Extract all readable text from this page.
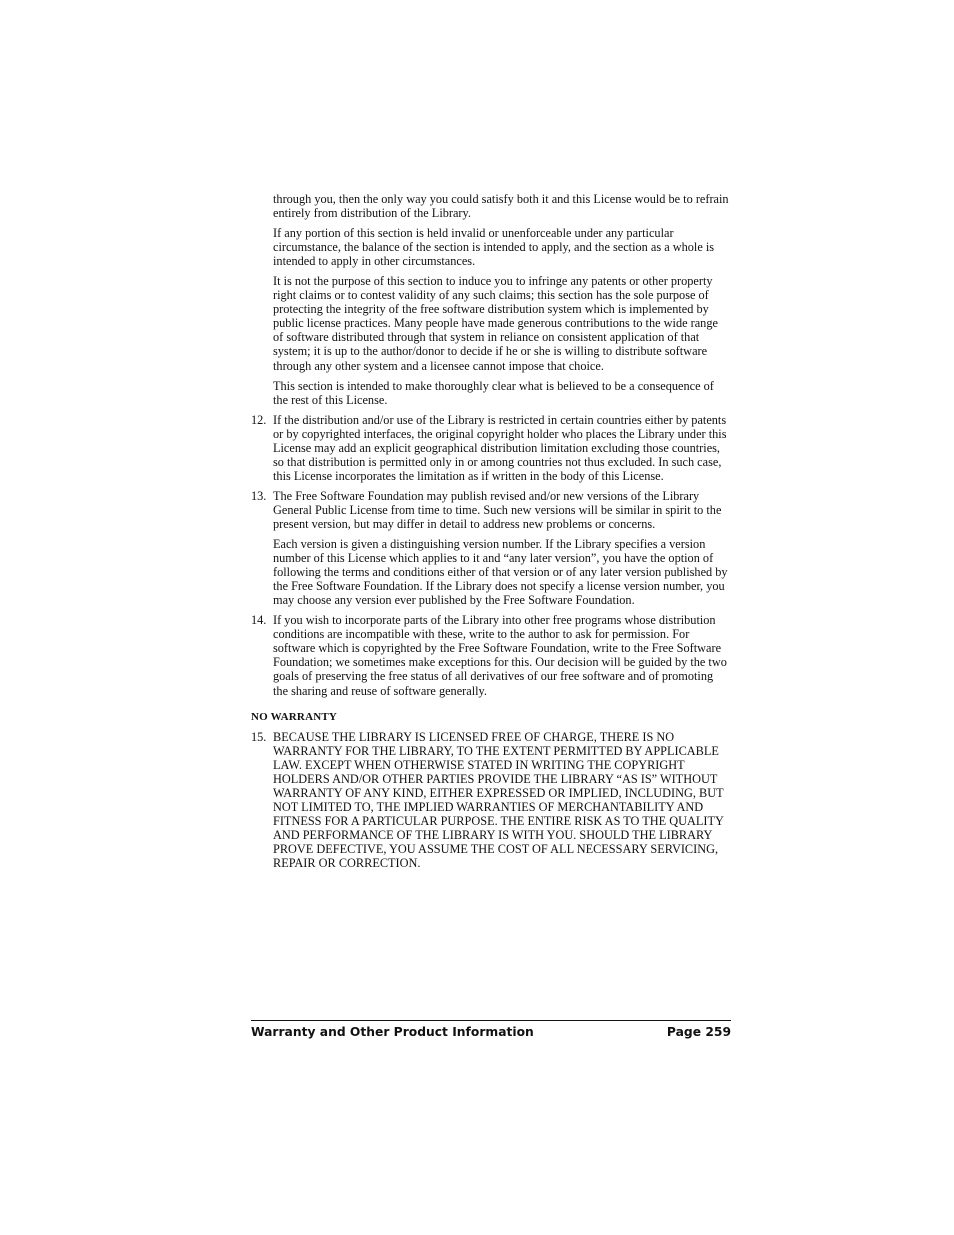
through you, then the only way you could satisfy both it and this License would be to refrain entirely from distribution of the Library.

If any portion of this section is held invalid or unenforceable under any particular circumstance, the balance of the section is intended to apply, and the section as a whole is intended to apply in other circumstances.

It is not the purpose of this section to induce you to infringe any patents or other property right claims or to contest validity of any such claims; this section has the sole purpose of protecting the integrity of the free software distribution system which is implemented by public license practices. Many people have made generous contributions to the wide range of software distributed through that system in reliance on consistent application of that system; it is up to the author/donor to decide if he or she is willing to distribute software through any other system and a licensee cannot impose that choice.

This section is intended to make thoroughly clear what is believed to be a consequence of the rest of this License.

12. If the distribution and/or use of the Library is restricted in certain countries either by patents or by copyrighted interfaces, the original copyright holder who places the Library under this License may add an explicit geographical distribution limitation excluding those countries, so that distribution is permitted only in or among countries not thus excluded. In such case, this License incorporates the limitation as if written in the body of this License.
13. The Free Software Foundation may publish revised and/or new versions of the Library General Public License from time to time. Such new versions will be similar in spirit to the present version, but may differ in detail to address new problems or concerns.

Each version is given a distinguishing version number. If the Library specifies a version number of this License which applies to it and “any later version”, you have the option of following the terms and conditions either of that version or of any later version published by the Free Software Foundation. If the Library does not specify a license version number, you may choose any version ever published by the Free Software Foundation.

14. If you wish to incorporate parts of the Library into other free programs whose distribution conditions are incompatible with these, write to the author to ask for permission. For software which is copyrighted by the Free Software Foundation, write to the Free Software Foundation; we sometimes make exceptions for this. Our decision will be guided by the two goals of preserving the free status of all derivatives of our free software and of promoting the sharing and reuse of software generally.
NO WARRANTY
15. BECAUSE THE LIBRARY IS LICENSED FREE OF CHARGE, THERE IS NO WARRANTY FOR THE LIBRARY, TO THE EXTENT PERMITTED BY APPLICABLE LAW. EXCEPT WHEN OTHERWISE STATED IN WRITING THE COPYRIGHT HOLDERS AND/OR OTHER PARTIES PROVIDE THE LIBRARY “AS IS” WITHOUT WARRANTY OF ANY KIND, EITHER EXPRESSED OR IMPLIED, INCLUDING, BUT NOT LIMITED TO, THE IMPLIED WARRANTIES OF MERCHANTABILITY AND FITNESS FOR A PARTICULAR PURPOSE. THE ENTIRE RISK AS TO THE QUALITY AND PERFORMANCE OF THE LIBRARY IS WITH YOU. SHOULD THE LIBRARY PROVE DEFECTIVE, YOU ASSUME THE COST OF ALL NECESSARY SERVICING, REPAIR OR CORRECTION.
Warranty and Other Product Information	Page 259
